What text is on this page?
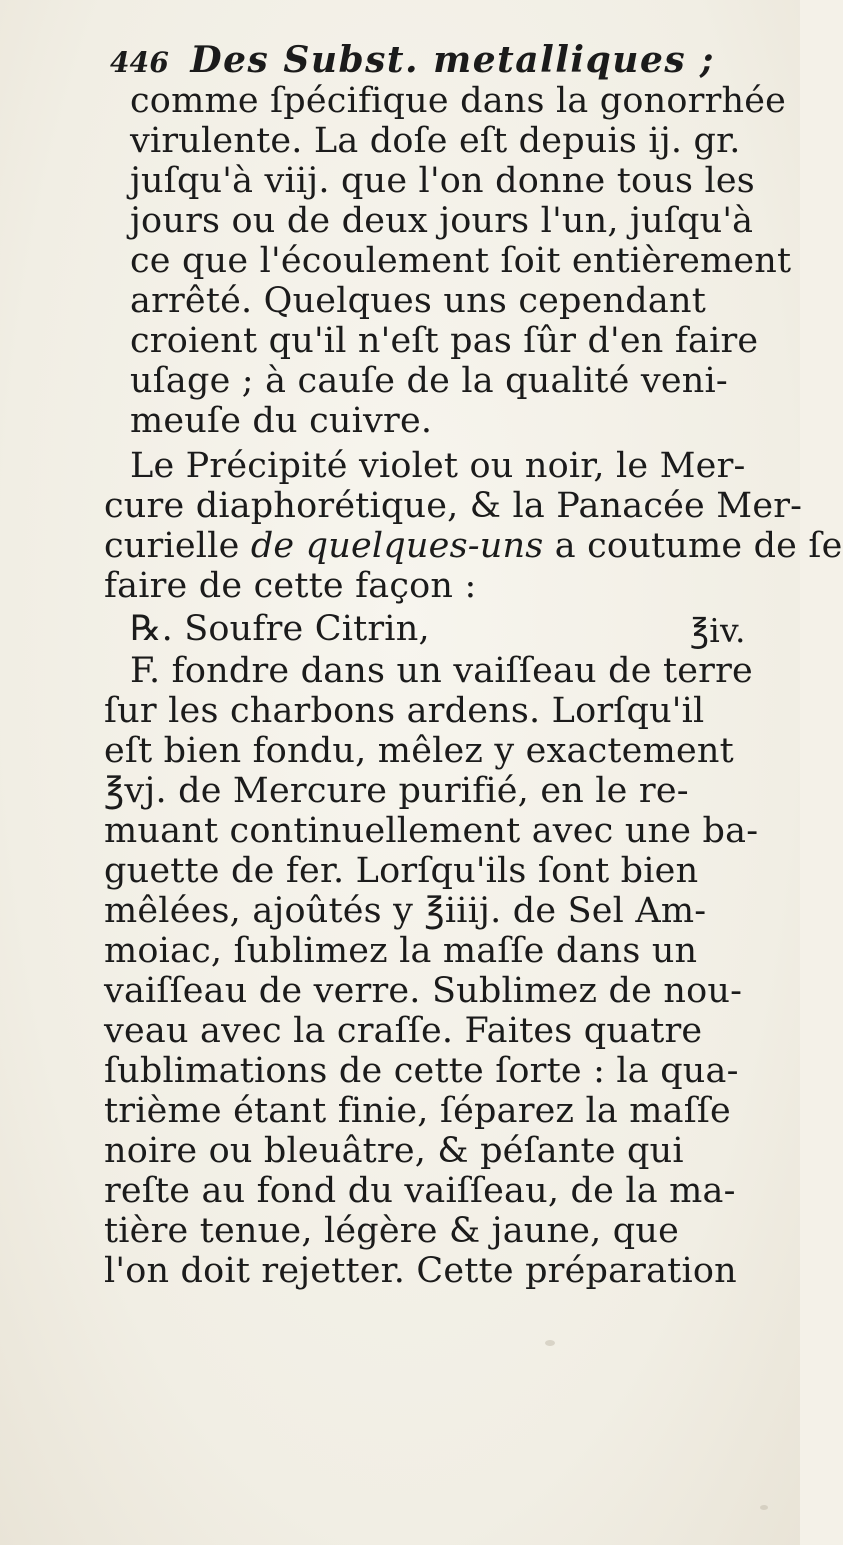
446 Des Subst. metalliques ;
comme ſpécifique dans la gonorrhée
virulente. La doſe eſt depuis ij. gr.
juſqu'à viij. que l'on donne tous les
jours ou de deux jours l'un, juſqu'à
ce que l'écoulement ſoit entièrement
arrêté. Quelques uns cependant
croient qu'il n'eſt pas ſûr d'en faire
uſage ; à cauſe de la qualité veni-
meuſe du cuivre.
Le Précipité violet ou noir, le Mer-
cure diaphorétique, & la Panacée Mer-
curielle de quelques-uns a coutume de ſe
faire de cette façon :
℞. Soufre Citrin,	℥iv.
F. fondre dans un vaiſſeau de terre
ſur les charbons ardens. Lorſqu'il
eſt bien fondu, mêlez y exactement
℥vj. de Mercure purifié, en le re-
muant continuellement avec une ba-
guette de fer. Lorſqu'ils ſont bien
mêlées, ajoûtés y ℥iiij. de Sel Am-
moiac, ſublimez la maſſe dans un
vaiſſeau de verre. Sublimez de nou-
veau avec la craſſe. Faites quatre
ſublimations de cette ſorte : la qua-
trième étant finie, ſéparez la maſſe
noire ou bleuâtre, & péſante qui
reſte au fond du vaiſſeau, de la ma-
tière tenue, légère & jaune, que
l'on doit rejetter. Cette préparation
